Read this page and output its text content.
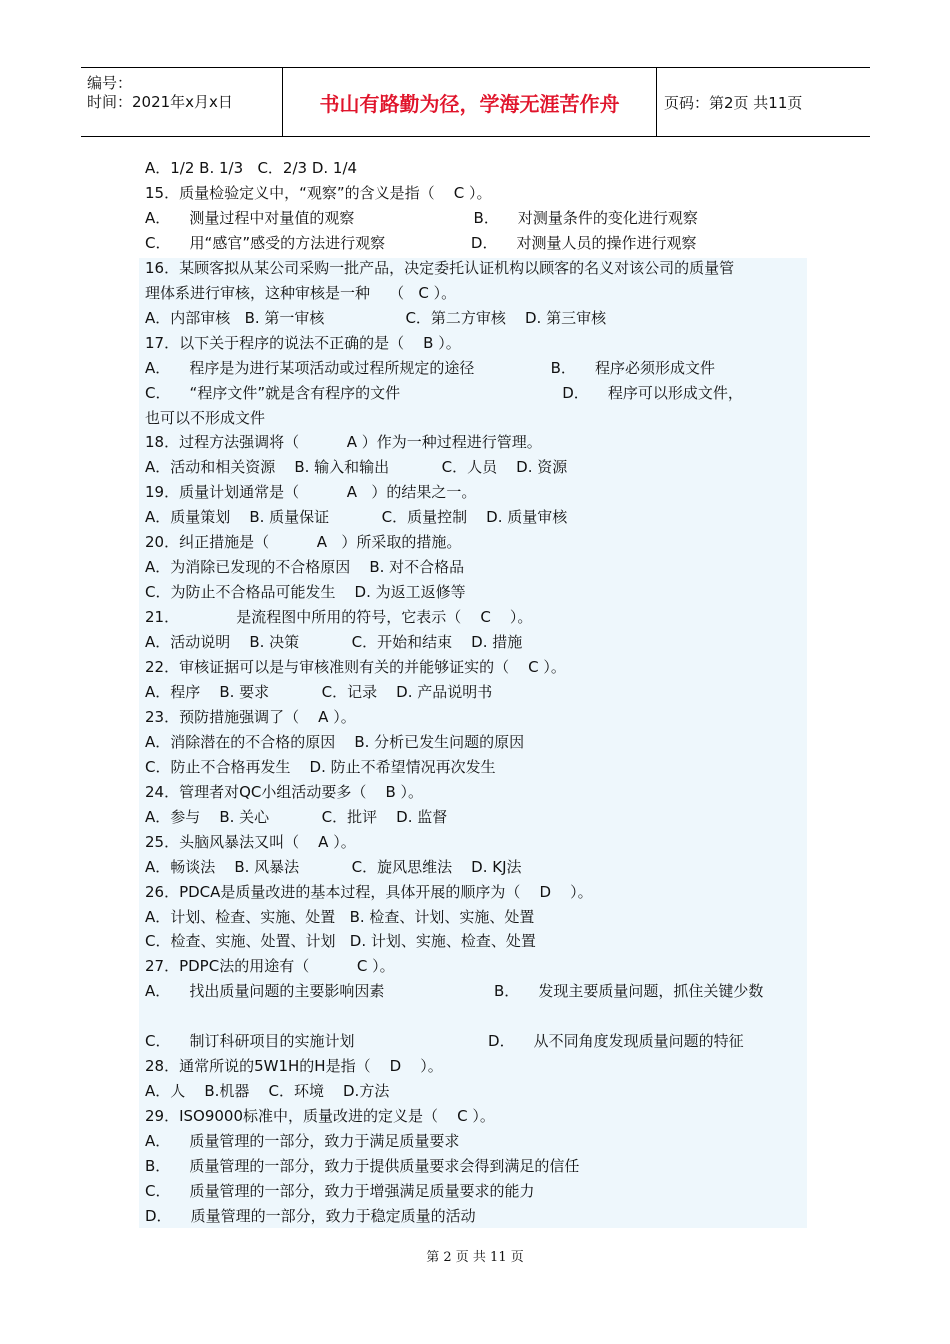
编号：
时间：2021年x月x日	书山有路勤为径，学海无涯苦作舟	页码：第2页 共11页
A．1/2 B. 1/3   C．2/3 D. 1/4
15．质量检验定义中，“观察”的含义是指（    C ）。
A．    测量过程中对量值的观察                         B．    对测量条件的变化进行观察
C．    用“感官”感受的方法进行观察                  D．    对测量人员的操作进行观察
16．某顾客拟从某公司采购一批产品，决定委托认证机构以顾客的名义对该公司的质量管
理体系进行审核，这种审核是一种    （   C ）。
A．内部审核   B. 第一审核                 C．第二方审核    D. 第三审核
17．以下关于程序的说法不正确的是（    B ）。
A．    程序是为进行某项活动或过程所规定的途径                B．    程序必须形成文件
C．    “程序文件”就是含有程序的文件                                  D．    程序可以形成文件，
也可以不形成文件
18．过程方法强调将（          A ）作为一种过程进行管理。
A．活动和相关资源    B. 输入和输出           C．人员    D. 资源
19．质量计划通常是（          A   ）的结果之一。
A．质量策划    B. 质量保证           C．质量控制    D. 质量审核
20．纠正措施是（          A   ）所采取的措施。
A．为消除已发现的不合格原因    B. 对不合格品
C．为防止不合格品可能发生    D. 为返工返修等
21．            是流程图中所用的符号，它表示（    C    ）。
A．活动说明    B. 决策           C．开始和结束    D. 措施
22．审核证据可以是与审核准则有关的并能够证实的（    C ）。
A．程序    B. 要求           C．记录    D. 产品说明书
23．预防措施强调了（    A ）。
A．消除潜在的不合格的原因    B. 分析已发生问题的原因
C．防止不合格再发生    D. 防止不希望情况再次发生
24．管理者对QC小组活动要多（    B ）。
A．参与    B. 关心           C．批评    D. 监督
25．头脑风暴法又叫（    A ）。
A．畅谈法    B. 风暴法           C．旋风思维法    D. KJ法
26．PDCA是质量改进的基本过程，具体开展的顺序为（    D    ）。
A．计划、检查、实施、处置   B. 检查、计划、实施、处置
C．检查、实施、处置、计划   D. 计划、实施、检查、处置
27．PDPC法的用途有（          C ）。
A．    找出质量问题的主要影响因素                       B．    发现主要质量问题，抓住关键少数
C．    制订科研项目的实施计划                            D．    从不同角度发现质量问题的特征
28．通常所说的5W1H的H是指（    D    ）。
A．人    B.机器    C．环境    D.方法
29．ISO9000标准中，质量改进的定义是（    C ）。
A．    质量管理的一部分，致力于满足质量要求
B．    质量管理的一部分，致力于提供质量要求会得到满足的信任
C．    质量管理的一部分，致力于增强满足质量要求的能力
D．    质量管理的一部分，致力于稳定质量的活动
第 2 页 共 11 页
